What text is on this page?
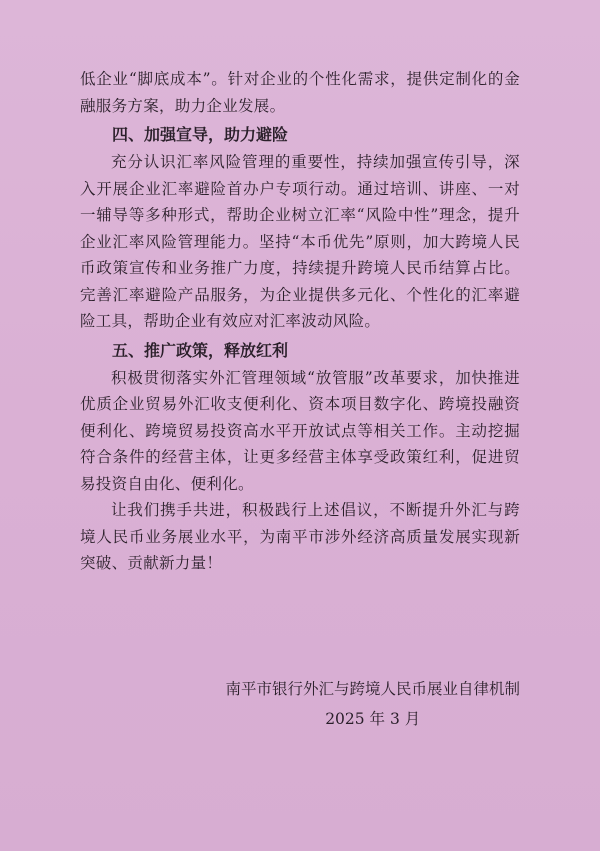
低企业“脚底成本”。针对企业的个性化需求，提供定制化的金融服务方案，助力企业发展。

四、加强宣导，助力避险

充分认识汇率风险管理的重要性，持续加强宣传引导，深入开展企业汇率避险首办户专项行动。通过培训、讲座、一对一辅导等多种形式，帮助企业树立汇率“风险中性”理念，提升企业汇率风险管理能力。坚持“本币优先”原则，加大跨境人民币政策宣传和业务推广力度，持续提升跨境人民币结算占比。完善汇率避险产品服务，为企业提供多元化、个性化的汇率避险工具，帮助企业有效应对汇率波动风险。

五、推广政策，释放红利

积极贯彻落实外汇管理领域“放管服”改革要求，加快推进优质企业贸易外汇收支便利化、资本项目数字化、跨境投融资便利化、跨境贸易投资高水平开放试点等相关工作。主动挖掘符合条件的经营主体，让更多经营主体享受政策红利，促进贸易投资自由化、便利化。

让我们携手共进，积极践行上述倡议，不断提升外汇与跨境人民币业务展业水平，为南平市涉外经济高质量发展实现新突破、贡献新力量！

南平市银行外汇与跨境人民币展业自律机制
2025 年 3 月
